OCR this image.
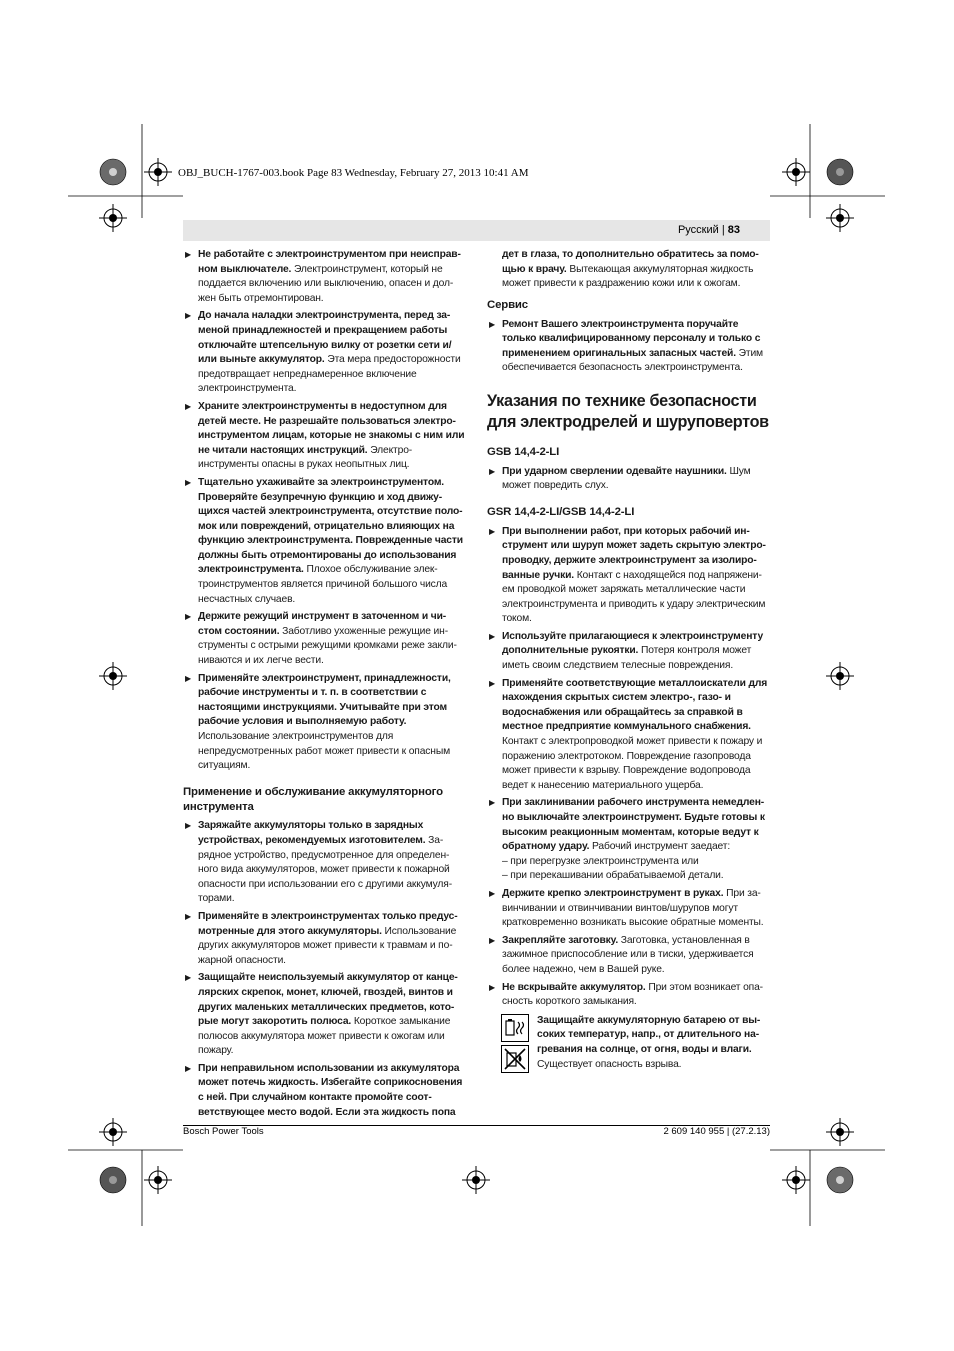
OBJ_BUCH-1767-003.book Page 83 Wednesday, February 27, 2013 10:41 AM
Русский | 83
▶ Не работайте с электроинструментом при неисправном выключателе. Электроинструмент, который не поддается включению или выключению, опасен и должен быть отремонтирован.
▶ До начала наладки электроинструмента, перед заменой принадлежностей и прекращением работы отключайте штепсельную вилку от розетки сети и/или выньте аккумулятор. Эта мера предосторожности предотвращает непреднамеренное включение электроинструмента.
▶ Храните электроинструменты в недоступном для детей месте. Не разрешайте пользоваться электроинструментом лицам, которые не знакомы с ним или не читали настоящих инструкций. Электроинструменты опасны в руках неопытных лиц.
▶ Тщательно ухаживайте за электроинструментом. Проверяйте безупречную функцию и ход движущихся частей электроинструмента, отсутствие поломок или повреждений, отрицательно влияющих на функцию электроинструмента. Поврежденные части должны быть отремонтированы до использования электроинструмента. Плохое обслуживание электроинструментов является причиной большого числа несчастных случаев.
▶ Держите режущий инструмент в заточенном и чистом состоянии. Заботливо ухоженные режущие инструменты с острыми режущими кромками реже заклиниваются и их легче вести.
▶ Применяйте электроинструмент, принадлежности, рабочие инструменты и т. п. в соответствии с настоящими инструкциями. Учитывайте при этом рабочие условия и выполняемую работу. Использование электроинструментов для непредусмотренных работ может привести к опасным ситуациям.
Применение и обслуживание аккумуляторного инструмента
▶ Заряжайте аккумуляторы только в зарядных устройствах, рекомендуемых изготовителем. Зарядное устройство, предусмотренное для определенного вида аккумуляторов, может привести к пожарной опасности при использовании его с другими аккумуляторами.
▶ Применяйте в электроинструментах только предусмотренные для этого аккумуляторы. Использование других аккумуляторов может привести к травмам и пожарной опасности.
▶ Защищайте неиспользуемый аккумулятор от канцелярских скрепок, монет, ключей, гвоздей, винтов и других маленьких металлических предметов, которые могут закоротить полюса. Короткое замыкание полюсов аккумулятора может привести к ожогам или пожару.
▶ При неправильном использовании из аккумулятора может потечь жидкость. Избегайте соприкосновения с ней. При случайном контакте промойте соответствующее место водой. Если эта жидкость попа
дет в глаза, то дополнительно обратитесь за помощью к врачу. Вытекающая аккумуляторная жидкость может привести к раздражению кожи или к ожогам.
Сервис
▶ Ремонт Вашего электроинструмента поручайте только квалифицированному персоналу и только с применением оригинальных запасных частей. Этим обеспечивается безопасность электроинструмента.
Указания по технике безопасности для электродрелей и шуруповертов
GSB 14,4-2-LI
▶ При ударном сверлении одевайте наушники. Шум может повредить слух.
GSR 14,4-2-LI/GSB 14,4-2-LI
▶ При выполнении работ, при которых рабочий инструмент или шуруп может задеть скрытую электропроводку, держите электроинструмент за изолированные ручки. Контакт с находящейся под напряжением проводкой может заряжать металлические части электроинструмента и приводить к удару электрическим током.
▶ Используйте прилагающиеся к электроинструменту дополнительные рукоятки. Потеря контроля может иметь своим следствием телесные повреждения.
▶ Применяйте соответствующие металлоискатели для нахождения скрытых систем электро-, газо- и водоснабжения или обращайтесь за справкой в местное предприятие коммунального снабжения. Контакт с электропроводкой может привести к пожару и поражению электротоком. Повреждение газопровода может привести к взрыву. Повреждение водопровода ведет к нанесению материального ущерба.
▶ При заклинивании рабочего инструмента немедленно выключайте электроинструмент. Будьте готовы к высоким реакционным моментам, которые ведут к обратному удару. Рабочий инструмент заедает:
– при перегрузке электроинструмента или
– при перекашивании обрабатываемой детали.
▶ Держите крепко электроинструмент в руках. При завинчивании и отвинчивании винтов/шурупов могут кратковременно возникать высокие обратные моменты.
▶ Закрепляйте заготовку. Заготовка, установленная в зажимное приспособление или в тиски, удерживается более надежно, чем в Вашей руке.
▶ Не вскрывайте аккумулятор. При этом возникает опасность короткого замыкания.
Защищайте аккумуляторную батарею от высоких температур, напр., от длительного нагревания на солнце, от огня, воды и влаги. Существует опасность взрыва.
Bosch Power Tools	2 609 140 955 | (27.2.13)
